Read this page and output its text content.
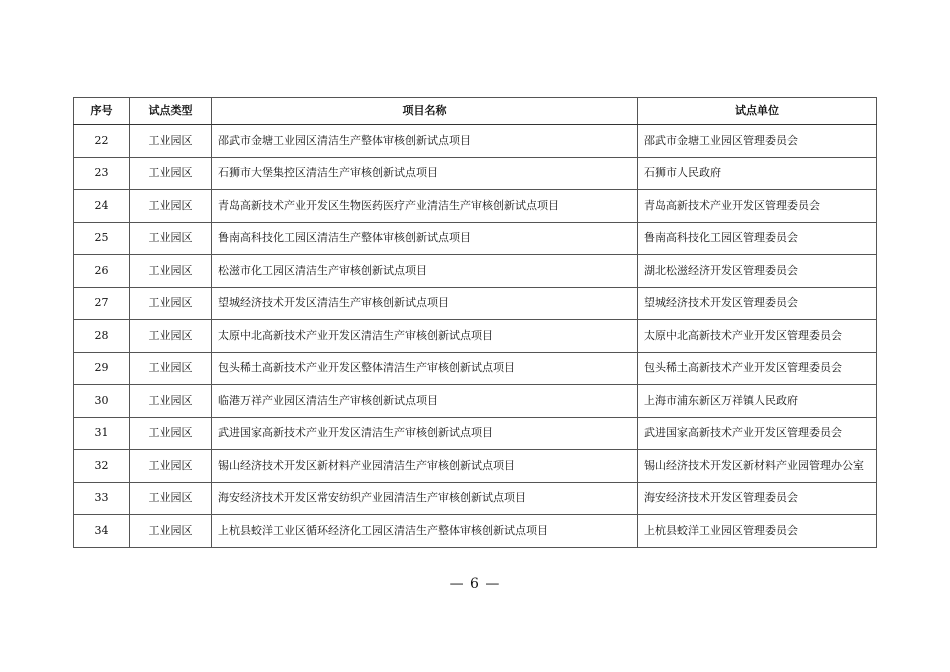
序号	试点类型	项目名称	试点单位
22	工业园区	邵武市金塘工业园区清洁生产整体审核创新试点项目	邵武市金塘工业园区管理委员会
23	工业园区	石狮市大堡集控区清洁生产审核创新试点项目	石狮市人民政府
24	工业园区	青岛高新技术产业开发区生物医药医疗产业清洁生产审核创新试点项目	青岛高新技术产业开发区管理委员会
25	工业园区	鲁南高科技化工园区清洁生产整体审核创新试点项目	鲁南高科技化工园区管理委员会
26	工业园区	松滋市化工园区清洁生产审核创新试点项目	湖北松滋经济开发区管理委员会
27	工业园区	望城经济技术开发区清洁生产审核创新试点项目	望城经济技术开发区管理委员会
28	工业园区	太原中北高新技术产业开发区清洁生产审核创新试点项目	太原中北高新技术产业开发区管理委员会
29	工业园区	包头稀土高新技术产业开发区整体清洁生产审核创新试点项目	包头稀土高新技术产业开发区管理委员会
30	工业园区	临港万祥产业园区清洁生产审核创新试点项目	上海市浦东新区万祥镇人民政府
31	工业园区	武进国家高新技术产业开发区清洁生产审核创新试点项目	武进国家高新技术产业开发区管理委员会
32	工业园区	锡山经济技术开发区新材料产业园清洁生产审核创新试点项目	锡山经济技术开发区新材料产业园管理办公室
33	工业园区	海安经济技术开发区常安纺织产业园清洁生产审核创新试点项目	海安经济技术开发区管理委员会
34	工业园区	上杭县蛟洋工业区循环经济化工园区清洁生产整体审核创新试点项目	上杭县蛟洋工业园区管理委员会
— 6 —
